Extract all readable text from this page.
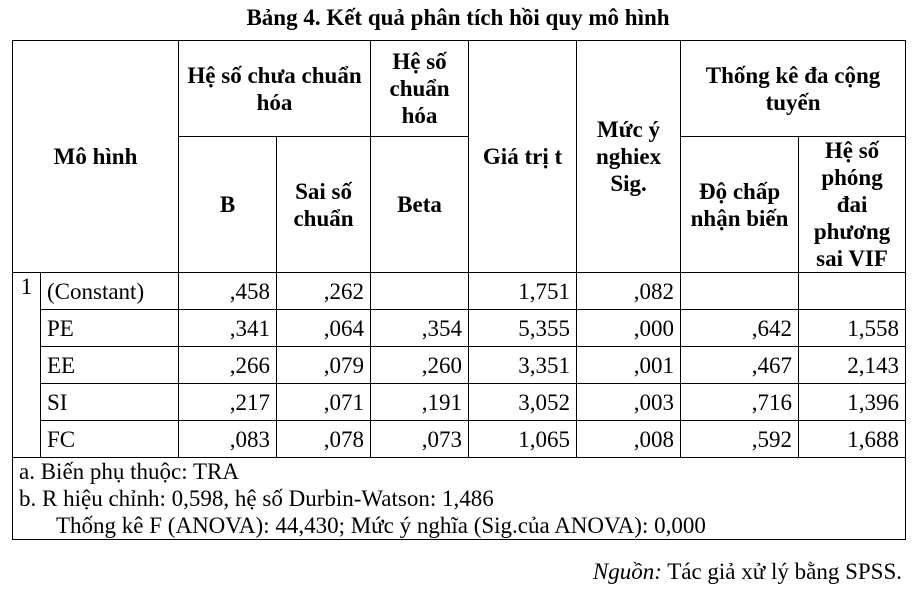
Bảng 4. Kết quả phân tích hồi quy mô hình
Mô hình		Hệ số chưa chuẩn hóa		Hệ số chuẩn hóa	Giá trị t	Mức ý nghiex Sig.	Thống kê đa cộng tuyến	
		B	Sai số chuẩn	Beta			Độ chấp nhận biến	Hệ số phóng đai phương sai VIF
1	(Constant)	,458	,262		1,751	,082		
	PE	,341	,064	,354	5,355	,000	,642	1,558
	EE	,266	,079	,260	3,351	,001	,467	2,143
	SI	,217	,071	,191	3,052	,003	,716	1,396
	FC	,083	,078	,073	1,065	,008	,592	1,688

a. Biến phụ thuộc: TRA
b. R hiệu chỉnh: 0,598, hệ số Durbin-Watson: 1,486
Thống kê F (ANOVA): 44,430; Mức ý nghĩa (Sig.của ANOVA): 0,000								
Nguồn: Tác giả xử lý bằng SPSS.
